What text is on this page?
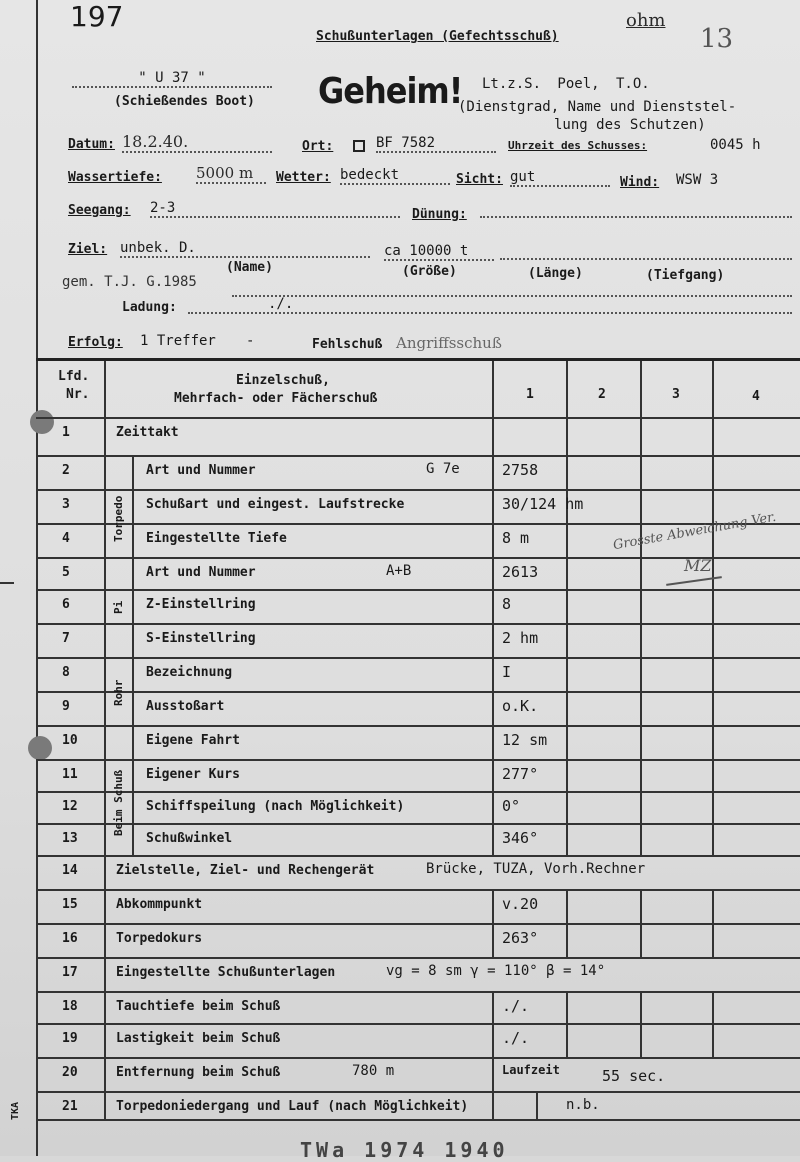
197
Schußunterlagen (Gefechtsschuß)
ohm
13
" U 37 "
(Schießendes Boot) Geheim! Lt.z.S. Poel, T.O.
(Dienstgrad, Name und Dienststel-
lung des Schutzen)
Datum: 18.2.40.	Ort:	BF 7582	Uhrzeit des Schusses:	0045 h
Wassertiefe: 5000 m	Wetter: bedeckt	Sicht: gut	Wind: WSW 3
Seegang: 2-3	Dünung:
Ziel: unbek. D.	ca 10000 t
(Name)	(Größe)	(Länge)	(Tiefgang)
gem. T.J. G.1985
Ladung:	./.
Erfolg: 1 Treffer -	Fehlschuß Angriffsschuß
Lfd.
Nr.
Einzelschuß,
Mehrfach- oder Fächerschuß	1	2	3	4
1	Zeittakt
2	Art und Nummer	G 7e	2758
3	Schußart und eingest. Laufstrecke	30/124 hm
4	Eingestellte Tiefe	8 m
5	Art und Nummer	A+B	2613
6	Z-Einstellring	8
7	S-Einstellring	2 hm
8	Bezeichnung	I
9	Ausstoßart	o.K.
10	Eigene Fahrt	12 sm
11	Eigener Kurs	277°
12	Schiffspeilung (nach Möglichkeit)	0°
13	Schußwinkel	346°
14	Zielstelle, Ziel- und Rechengerät	Brücke, TUZA, Vorh.Rechner
15	Abkommpunkt	v.20
16	Torpedokurs	263°
17	Eingestellte Schußunterlagen	vg = 8 sm γ = 110° β = 14°
18	Tauchtiefe beim Schuß	./.
19	Lastigkeit beim Schuß	./.
20	Entfernung beim Schuß	780 m	Laufzeit	55 sec.
21	Torpedoniedergang und Lauf (nach Möglichkeit)	n.b.
Torpedo
Pi
Rohr
Beim Schuß
Grosste Abweichung Ver.
MZ
TKA
TWa 1974 1940
